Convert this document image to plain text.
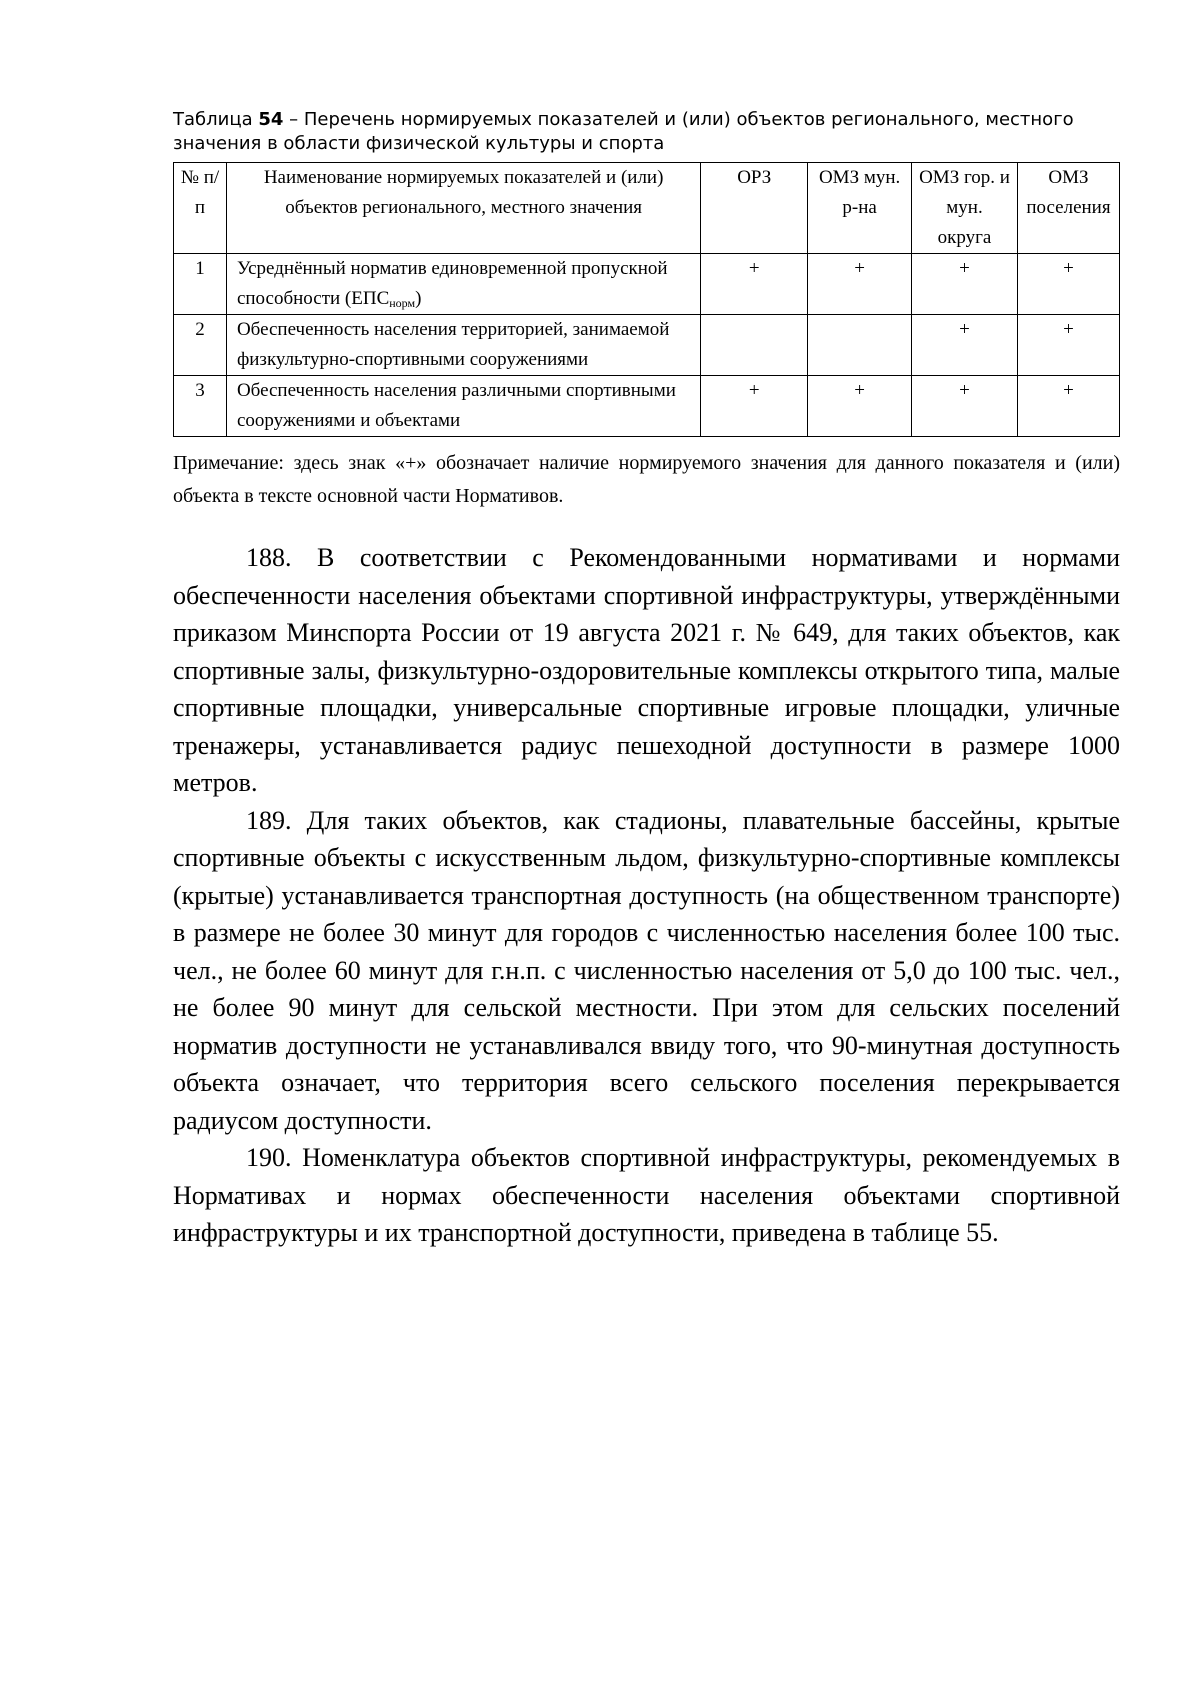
Таблица 54 – Перечень нормируемых показателей и (или) объектов регионального, местного значения в области физической культуры и спорта

№ п/п	Наименование нормируемых показателей и (или) объектов регионального, местного значения	ОРЗ	ОМЗ мун. р-на	ОМЗ гор. и мун. округа	ОМЗ поселения
1	Усреднённый норматив единовременной пропускной способности $(ЕПС_{норм})$	+	+	+	+
2	Обеспеченность населения территорией, занимаемой физкультурно-спортивными сооружениями			+	+
3	Обеспеченность населения различными спортивными сооружениями и объектами	+	+	+	+

Примечание: здесь знак «+» обозначает наличие нормируемого значения для данного показателя и (или) объекта в тексте основной части Нормативов.

188. В соответствии с Рекомендованными нормативами и нормами обеспеченности населения объектами спортивной инфраструктуры, утверждёнными приказом Минспорта России от 19 августа 2021 г. № 649, для таких объектов, как спортивные залы, физкультурно-оздоровительные комплексы открытого типа, малые спортивные площадки, универсальные спортивные игровые площадки, уличные тренажеры, устанавливается радиус пешеходной доступности в размере 1000 метров.

189. Для таких объектов, как стадионы, плавательные бассейны, крытые спортивные объекты с искусственным льдом, физкультурно-спортивные комплексы (крытые) устанавливается транспортная доступность (на общественном транспорте) в размере не более 30 минут для городов с численностью населения более 100 тыс. чел., не более 60 минут для г.н.п. с численностью населения от 5,0 до 100 тыс. чел., не более 90 минут для сельской местности. При этом для сельских поселений норматив доступности не устанавливался ввиду того, что 90-минутная доступность объекта означает, что территория всего сельского поселения перекрывается радиусом доступности.

190. Номенклатура объектов спортивной инфраструктуры, рекомендуемых в Нормативах и нормах обеспеченности населения объектами спортивной инфраструктуры и их транспортной доступности, приведена в таблице 55.
